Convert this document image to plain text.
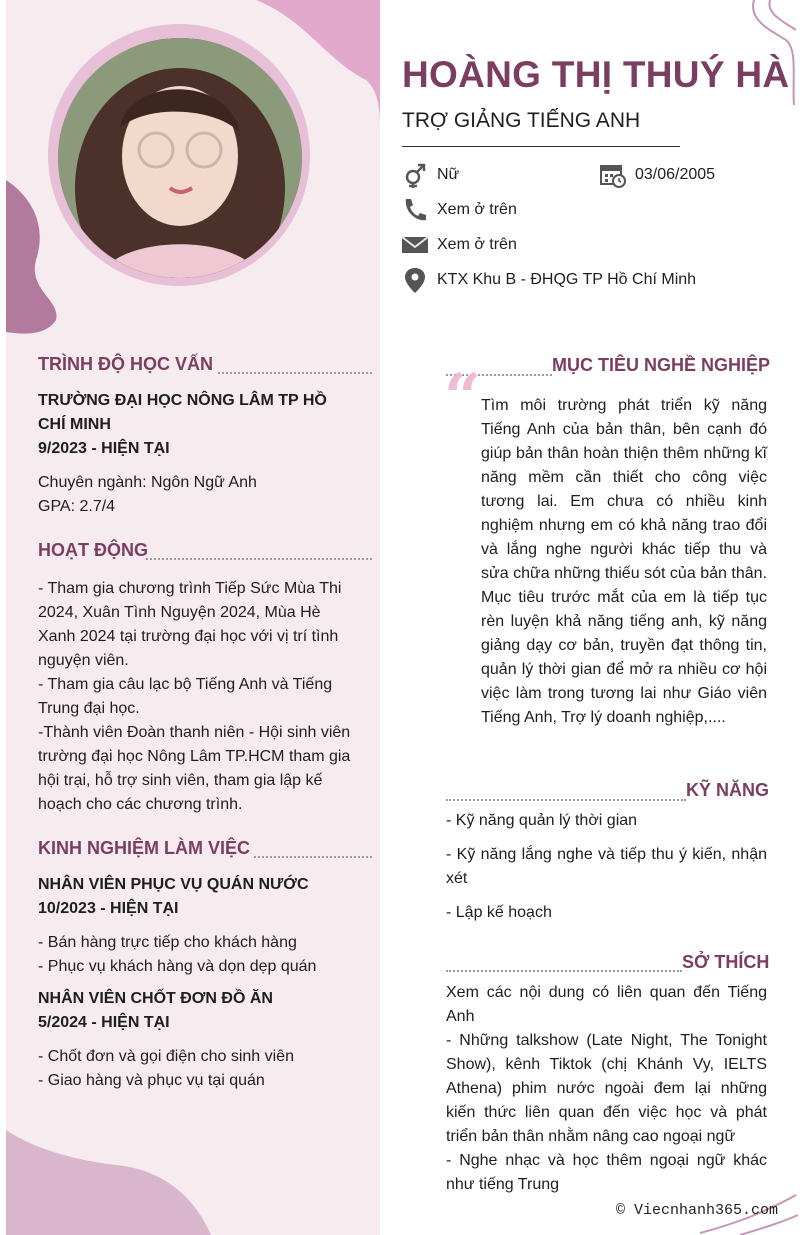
TRÌNH ĐỘ HỌC VẤN
TRƯỜNG ĐẠI HỌC NÔNG LÂM TP HỒ CHÍ MINH
9/2023 - HIỆN TẠI
Chuyên ngành: Ngôn Ngữ Anh
GPA: 2.7/4
HOẠT ĐỘNG

- Tham gia chương trình Tiếp Sức Mùa Thi 2024, Xuân Tình Nguyện 2024, Mùa Hè Xanh 2024 tại trường đại học với vị trí tình nguyện viên.

- Tham gia câu lạc bộ Tiếng Anh và Tiếng Trung đại học.

-Thành viên Đoàn thanh niên - Hội sinh viên trường đại học Nông Lâm TP.HCM tham gia hội trại, hỗ trợ sinh viên, tham gia lập kế hoạch cho các chương trình.

KINH NGHIỆM LÀM VIỆC
NHÂN VIÊN PHỤC VỤ QUÁN NƯỚC
10/2023 - HIỆN TẠI
- Bán hàng trực tiếp cho khách hàng
- Phục vụ khách hàng và dọn dẹp quán
NHÂN VIÊN CHỐT ĐƠN ĐỒ ĂN
5/2024 - HIỆN TẠI
- Chốt đơn và gọi điện cho sinh viên
- Giao hàng và phục vụ tại quán
HOÀNG THỊ THUÝ HÀ
TRỢ GIẢNG TIẾNG ANH
Nữ	03/06/2005
Xem ở trên
Xem ở trên
KTX Khu B - ĐHQG TP Hồ Chí Minh
MỤC TIÊU NGHỀ NGHIỆP
“ Tìm môi trường phát triển kỹ năng Tiếng Anh của bản thân, bên cạnh đó giúp bản thân hoàn thiện thêm những kĩ năng mềm cần thiết cho công việc tương lai. Em chưa có nhiều kinh nghiệm nhưng em có khả năng trao đổi và lắng nghe người khác tiếp thu và sửa chữa những thiếu sót của bản thân. Mục tiêu trước mắt của em là tiếp tục rèn luyện khả năng tiếng anh, kỹ năng giảng dạy cơ bản, truyền đạt thông tin, quản lý thời gian để mở ra nhiều cơ hội việc làm trong tương lai như Giáo viên Tiếng Anh, Trợ lý doanh nghiệp,....
KỸ NĂNG

- Kỹ năng quản lý thời gian

- Kỹ năng lắng nghe và tiếp thu ý kiến, nhận xét

- Lập kế hoạch

SỞ THÍCH

Xem các nội dung có liên quan đến Tiếng Anh

- Những talkshow (Late Night, The Tonight Show), kênh Tiktok (chị Khánh Vy, IELTS Athena) phim nước ngoài đem lại những kiến thức liên quan đến việc học và phát triển bản thân nhằm nâng cao ngoại ngữ

- Nghe nhạc và học thêm ngoại ngữ khác như tiếng Trung

© Viecnhanh365.com
